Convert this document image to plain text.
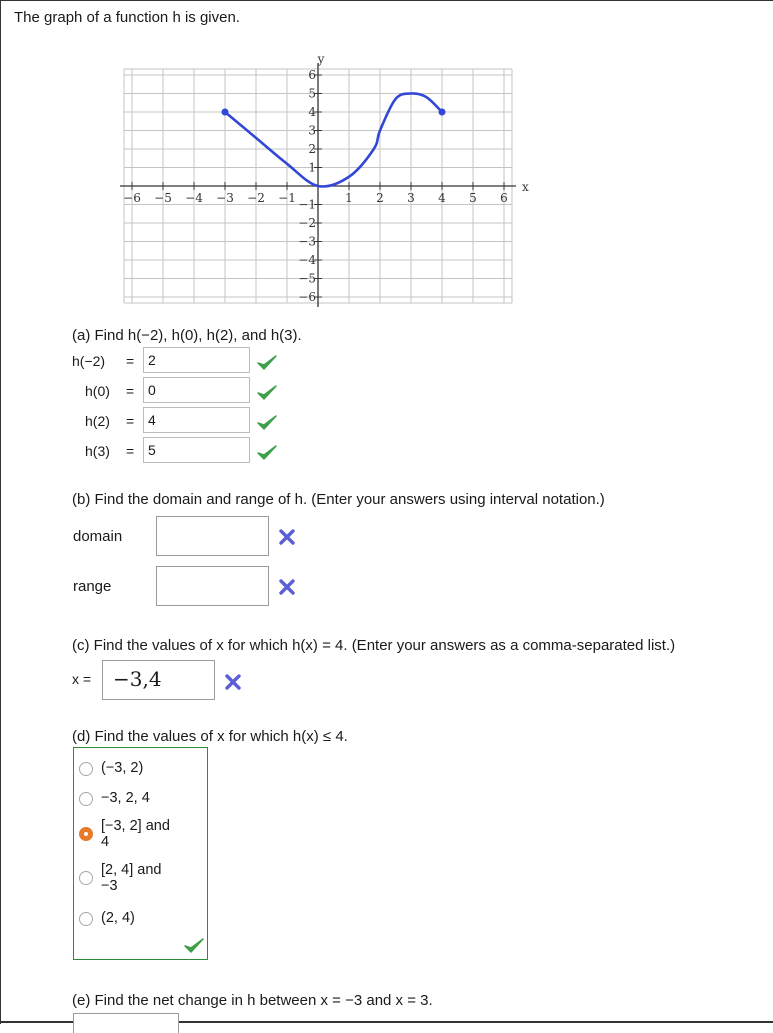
The graph of a function h is given.
−6 −5 −4 −3 −2 −1	1 2 3 4 5 6
1
2
3
4
5
6
−1
−2
−3
−4
−5
−6
x
y
(a) Find h(−2), h(0), h(2), and h(3).
h(−2) = 2
h(0) = 0
h(2) = 4
h(3) = 5
(b) Find the domain and range of h. (Enter your answers using interval notation.)
domain
range
(c) Find the values of x for which h(x) = 4. (Enter your answers as a comma-separated list.)
x =	−3,4
(d) Find the values of x for which h(x) ≤ 4.
(−3, 2)
−3, 2, 4
[−3, 2] and
4
[2, 4] and
−3
(2, 4)
(e) Find the net change in h between x = −3 and x = 3.
